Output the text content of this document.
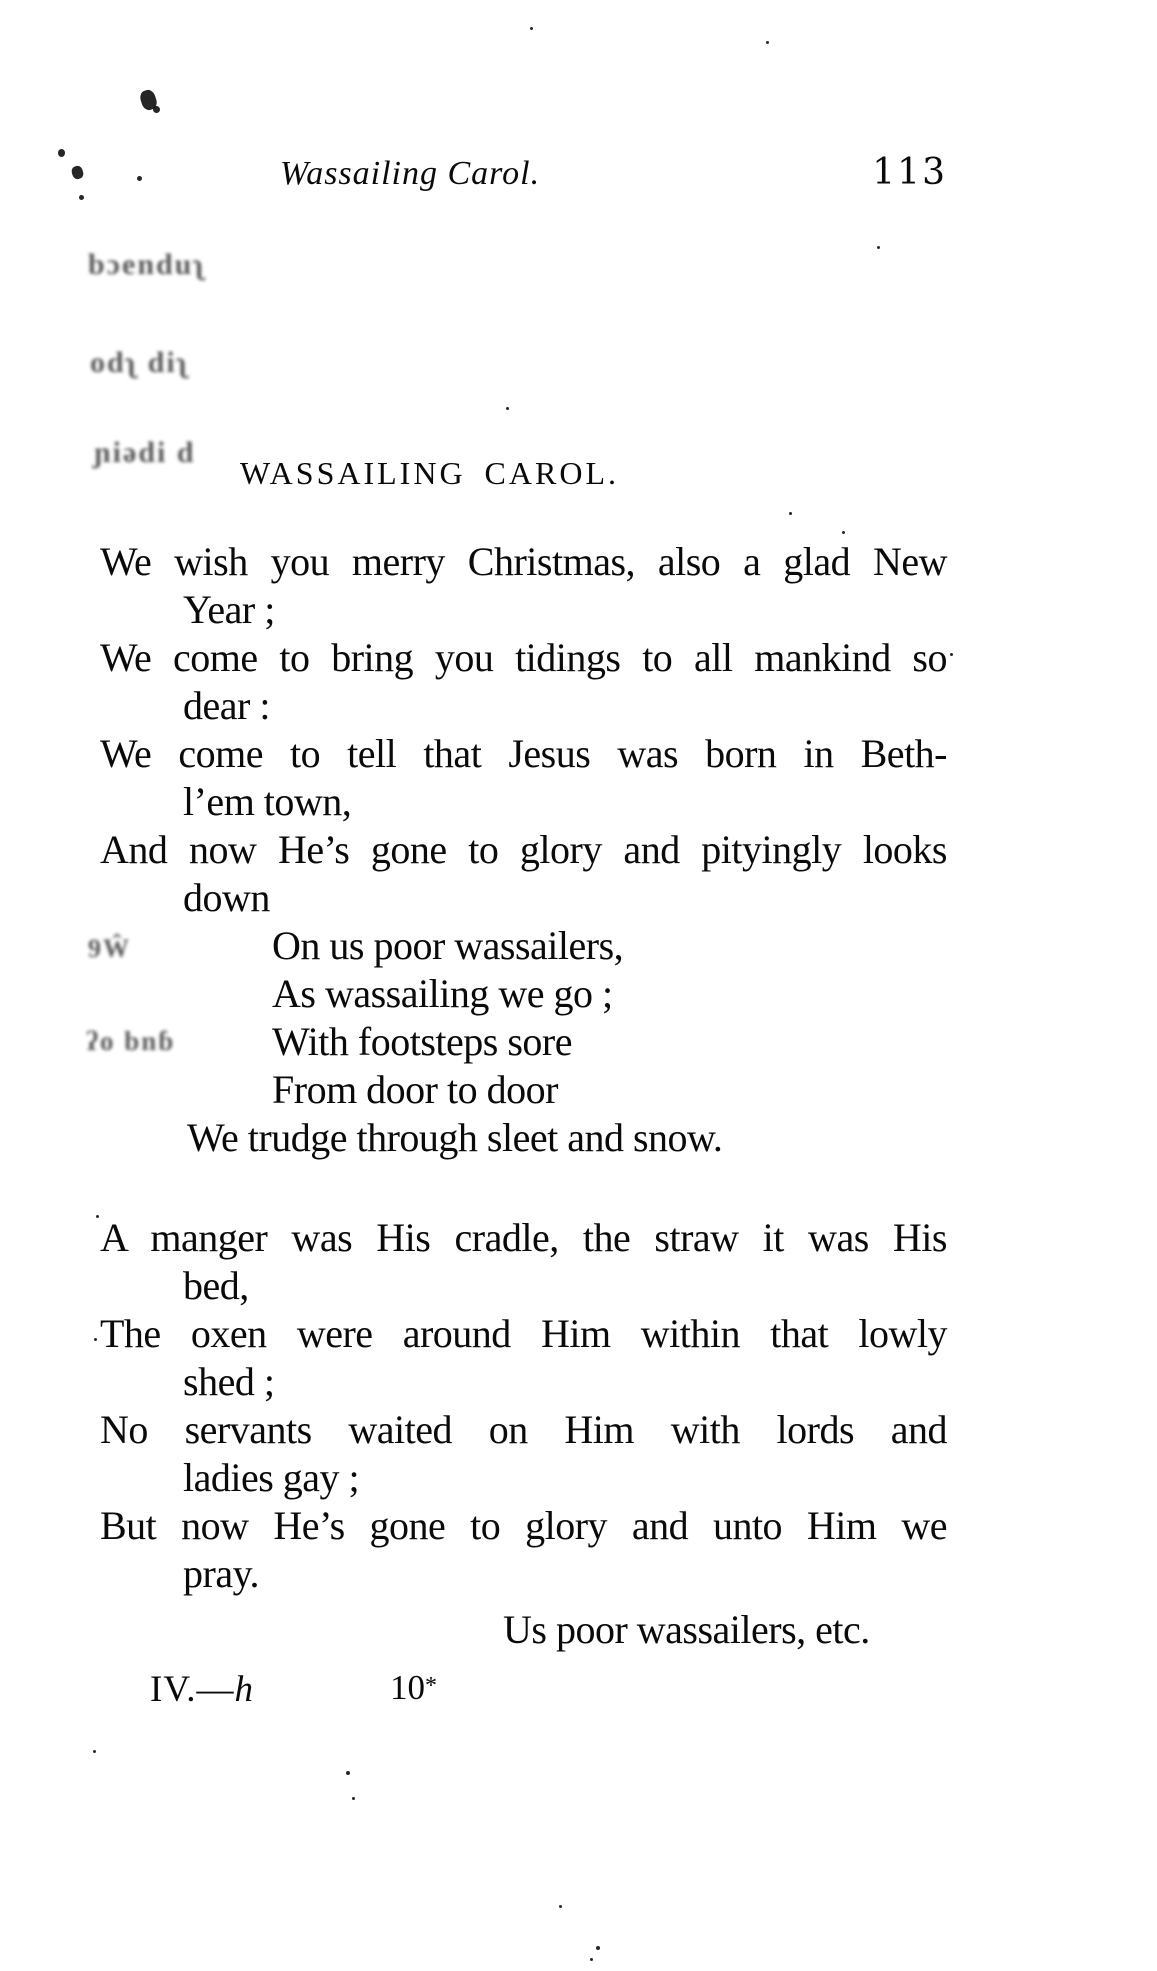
Wassailing Carol.	113
bɔenduʅ
odʅ diʅ
ɲiədi d
9Ŵ
ʔo bnɓ
WASSAILING CAROL.
We wish you merry Christmas, also a glad New
Year ;
We come to bring you tidings to all mankind so
dear :
We come to tell that Jesus was born in Beth-
l’em town,
And now He’s gone to glory and pityingly looks
down
On us poor wassailers,
As wassailing we go ;
With footsteps sore
From door to door
We trudge through sleet and snow.
A manger was His cradle, the straw it was His
bed,
The oxen were around Him within that lowly
shed ;
No servants waited on Him with lords and
ladies gay ;
But now He’s gone to glory and unto Him we
pray.
Us poor wassailers, etc.
IV.—h	10*
